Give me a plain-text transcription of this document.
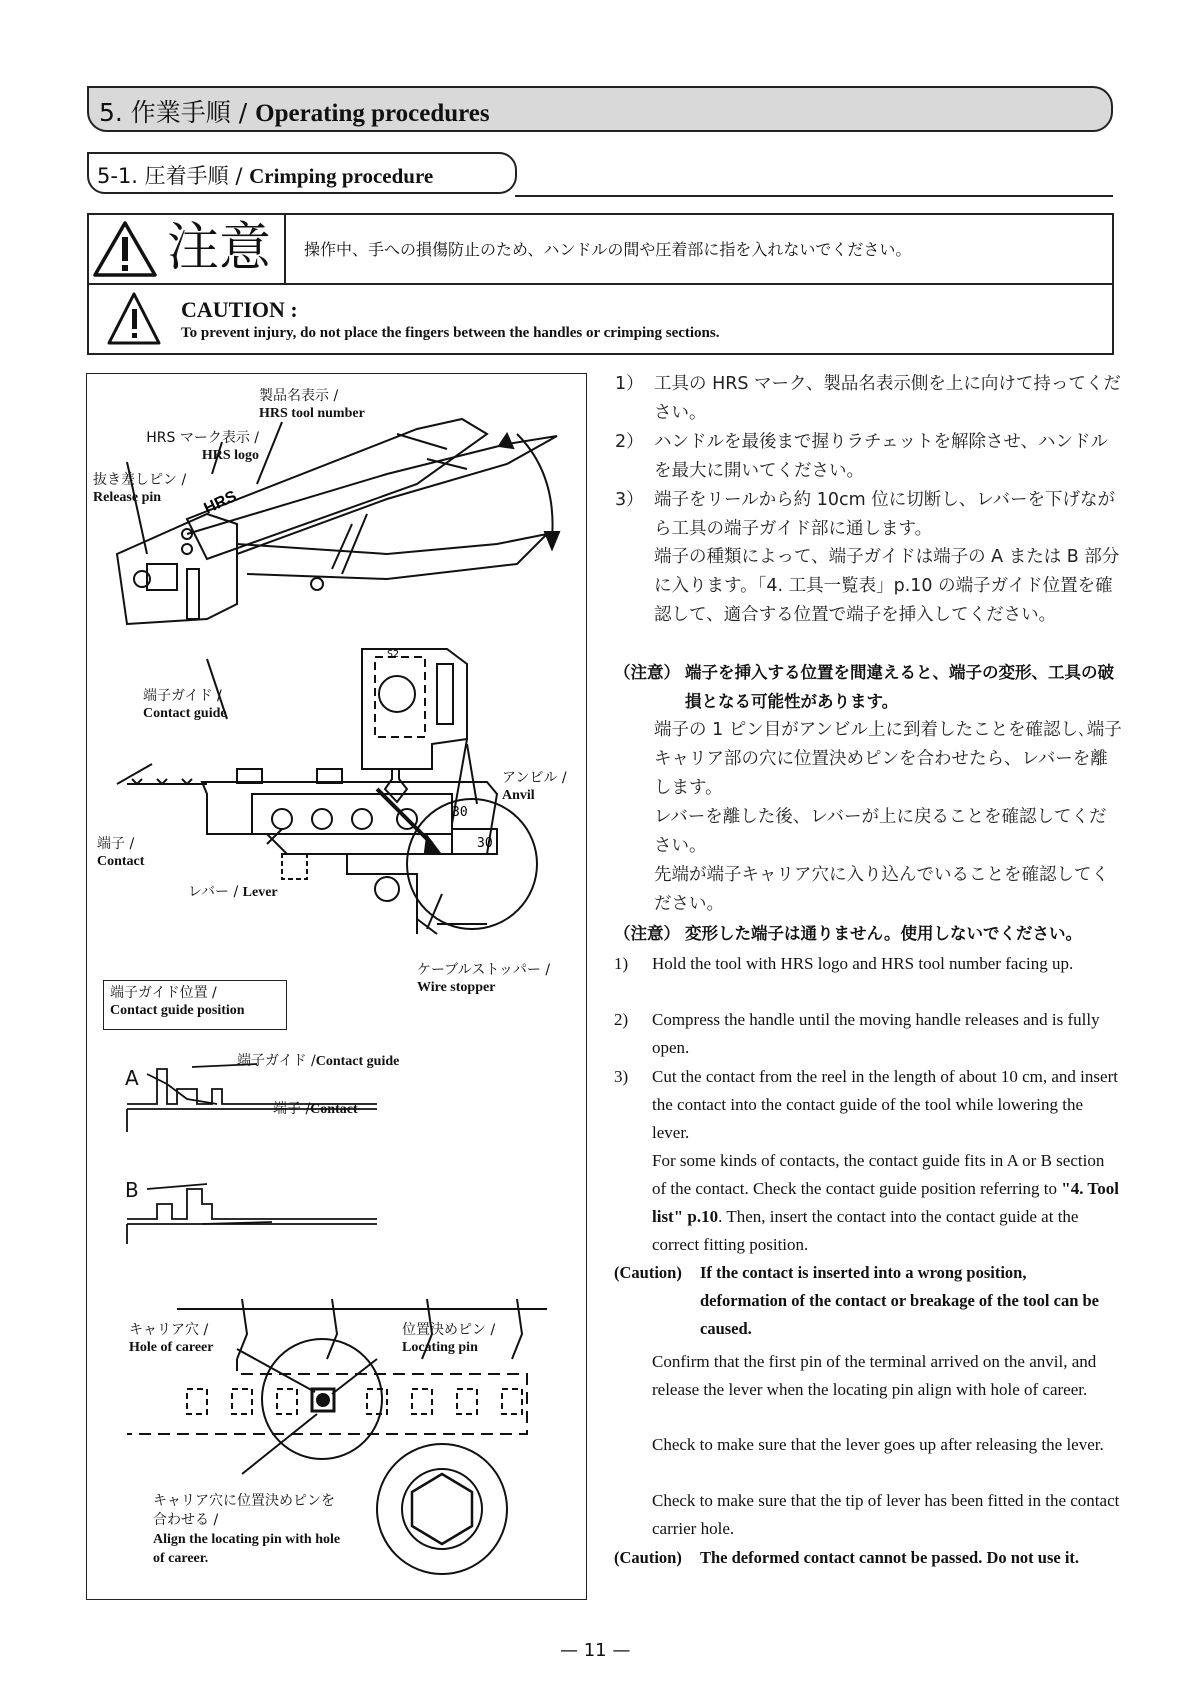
5. 作業手順 / Operating procedures
5-1. 圧着手順 / Crimping procedure
注意 操作中、手への損傷防止のため、ハンドルの間や圧着部に指を入れないでください。
CAUTION :
To prevent injury, do not place the fingers between the handles or crimping sections.
HRS
30
30
S2
製品名表示 /
HRS tool number
HRS マーク表示 /
HRS logo
抜き差しピン /
Release pin
端子ガイド /
Contact guide
アンビル /
Anvil
端子 /
Contact
レバー / Lever
ケーブルストッパー /
Wire stopper
端子ガイド位置 /
Contact guide position
端子ガイド /Contact guide
端子 /Contact
A
B
キャリア穴 /
Hole of career
位置決めピン /
Locating pin
キャリア穴に位置決めピンを
合わせる /
Align the locating pin with hole
of career.
1） 工具の HRS マーク、製品名表示側を上に向けて持ってください。
2） ハンドルを最後まで握りラチェットを解除させ、ハンドルを最大に開いてください。
3） 端子をリールから約 10cm 位に切断し、レバーを下げながら工具の端子ガイド部に通します。
端子の種類によって、端子ガイドは端子の A または B 部分に入ります。「4. 工具一覧表」p.10 の端子ガイド位置を確認して、適合する位置で端子を挿入してください。
（注意） 端子を挿入する位置を間違えると、端子の変形、工具の破損となる可能性があります。
端子の 1 ピン目がアンビル上に到着したことを確認し､端子キャリア部の穴に位置決めピンを合わせたら、レバーを離します。
レバーを離した後、レバーが上に戻ることを確認してください。
先端が端子キャリア穴に入り込んでいることを確認してください。
（注意） 変形した端子は通りません。使用しないでください。
1) Hold the tool with HRS logo and HRS tool number facing up.
2) Compress the handle until the moving handle releases and is fully open.
3) Cut the contact from the reel in the length of about 10 cm, and insert the contact into the contact guide of the tool while lowering the lever.
For some kinds of contacts, the contact guide fits in A or B section of the contact. Check the contact guide position referring to "4. Tool list" p.10. Then, insert the contact into the contact guide at the correct fitting position.
(Caution) If the contact is inserted into a wrong position, deformation of the contact or breakage of the tool can be caused.
Confirm that the first pin of the terminal arrived on the anvil, and release the lever when the locating pin align with hole of career.
Check to make sure that the lever goes up after releasing the lever.
Check to make sure that the tip of lever has been fitted in the contact carrier hole.
(Caution) The deformed contact cannot be passed. Do not use it.
— 11 —
